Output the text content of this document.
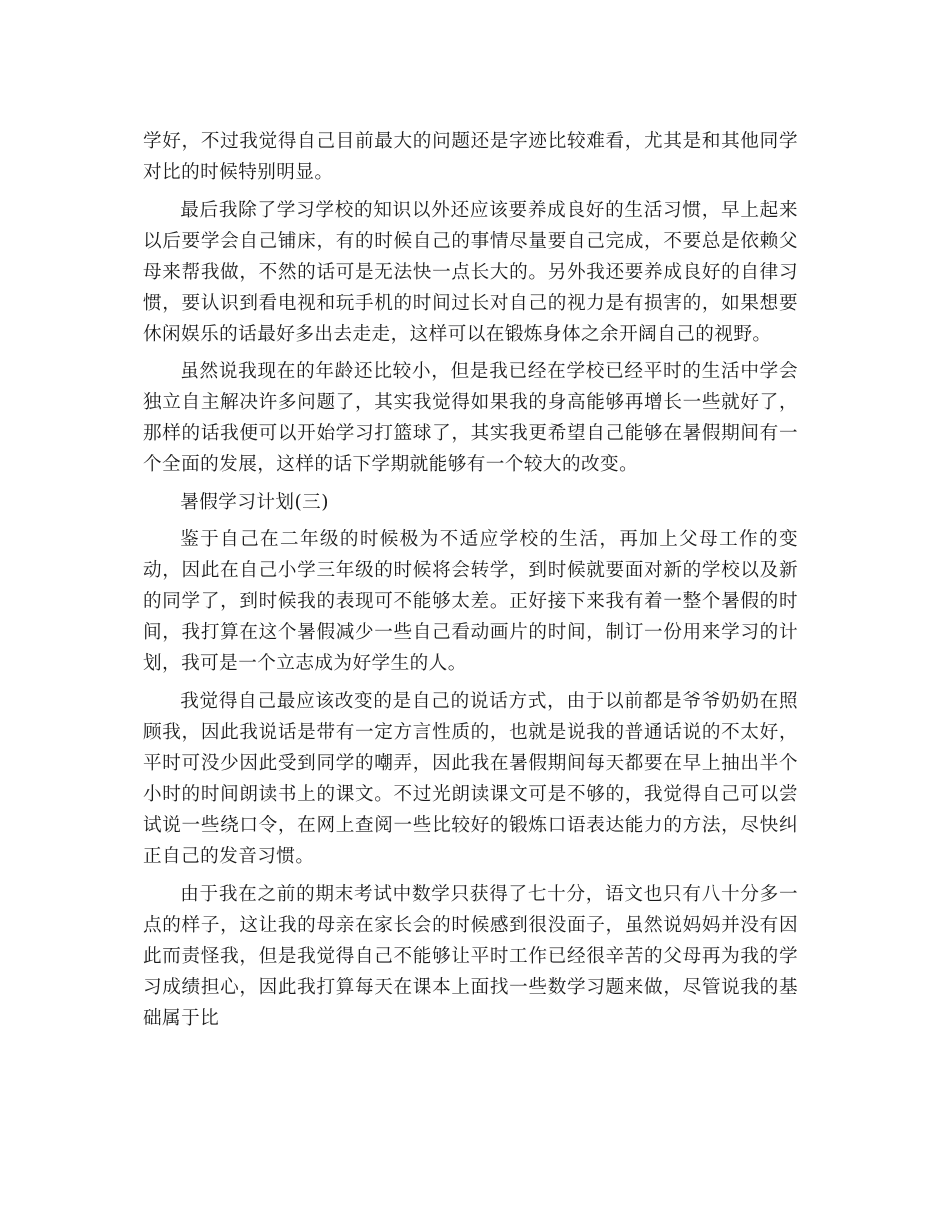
学好，不过我觉得自己目前最大的问题还是字迹比较难看，尤其是和其他同学对比的时候特别明显。

最后我除了学习学校的知识以外还应该要养成良好的生活习惯，早上起来以后要学会自己铺床，有的时候自己的事情尽量要自己完成，不要总是依赖父母来帮我做，不然的话可是无法快一点长大的。另外我还要养成良好的自律习惯，要认识到看电视和玩手机的时间过长对自己的视力是有损害的，如果想要休闲娱乐的话最好多出去走走，这样可以在锻炼身体之余开阔自己的视野。

虽然说我现在的年龄还比较小，但是我已经在学校已经平时的生活中学会独立自主解决许多问题了，其实我觉得如果我的身高能够再增长一些就好了，那样的话我便可以开始学习打篮球了，其实我更希望自己能够在暑假期间有一个全面的发展，这样的话下学期就能够有一个较大的改变。

暑假学习计划(三)

鉴于自己在二年级的时候极为不适应学校的生活，再加上父母工作的变动，因此在自己小学三年级的时候将会转学，到时候就要面对新的学校以及新的同学了，到时候我的表现可不能够太差。正好接下来我有着一整个暑假的时间，我打算在这个暑假减少一些自己看动画片的时间，制订一份用来学习的计划，我可是一个立志成为好学生的人。

我觉得自己最应该改变的是自己的说话方式，由于以前都是爷爷奶奶在照顾我，因此我说话是带有一定方言性质的，也就是说我的普通话说的不太好，平时可没少因此受到同学的嘲弄，因此我在暑假期间每天都要在早上抽出半个小时的时间朗读书上的课文。不过光朗读课文可是不够的，我觉得自己可以尝试说一些绕口令，在网上查阅一些比较好的锻炼口语表达能力的方法，尽快纠正自己的发音习惯。

由于我在之前的期末考试中数学只获得了七十分，语文也只有八十分多一点的样子，这让我的母亲在家长会的时候感到很没面子，虽然说妈妈并没有因此而责怪我，但是我觉得自己不能够让平时工作已经很辛苦的父母再为我的学习成绩担心，因此我打算每天在课本上面找一些数学习题来做，尽管说我的基础属于比
